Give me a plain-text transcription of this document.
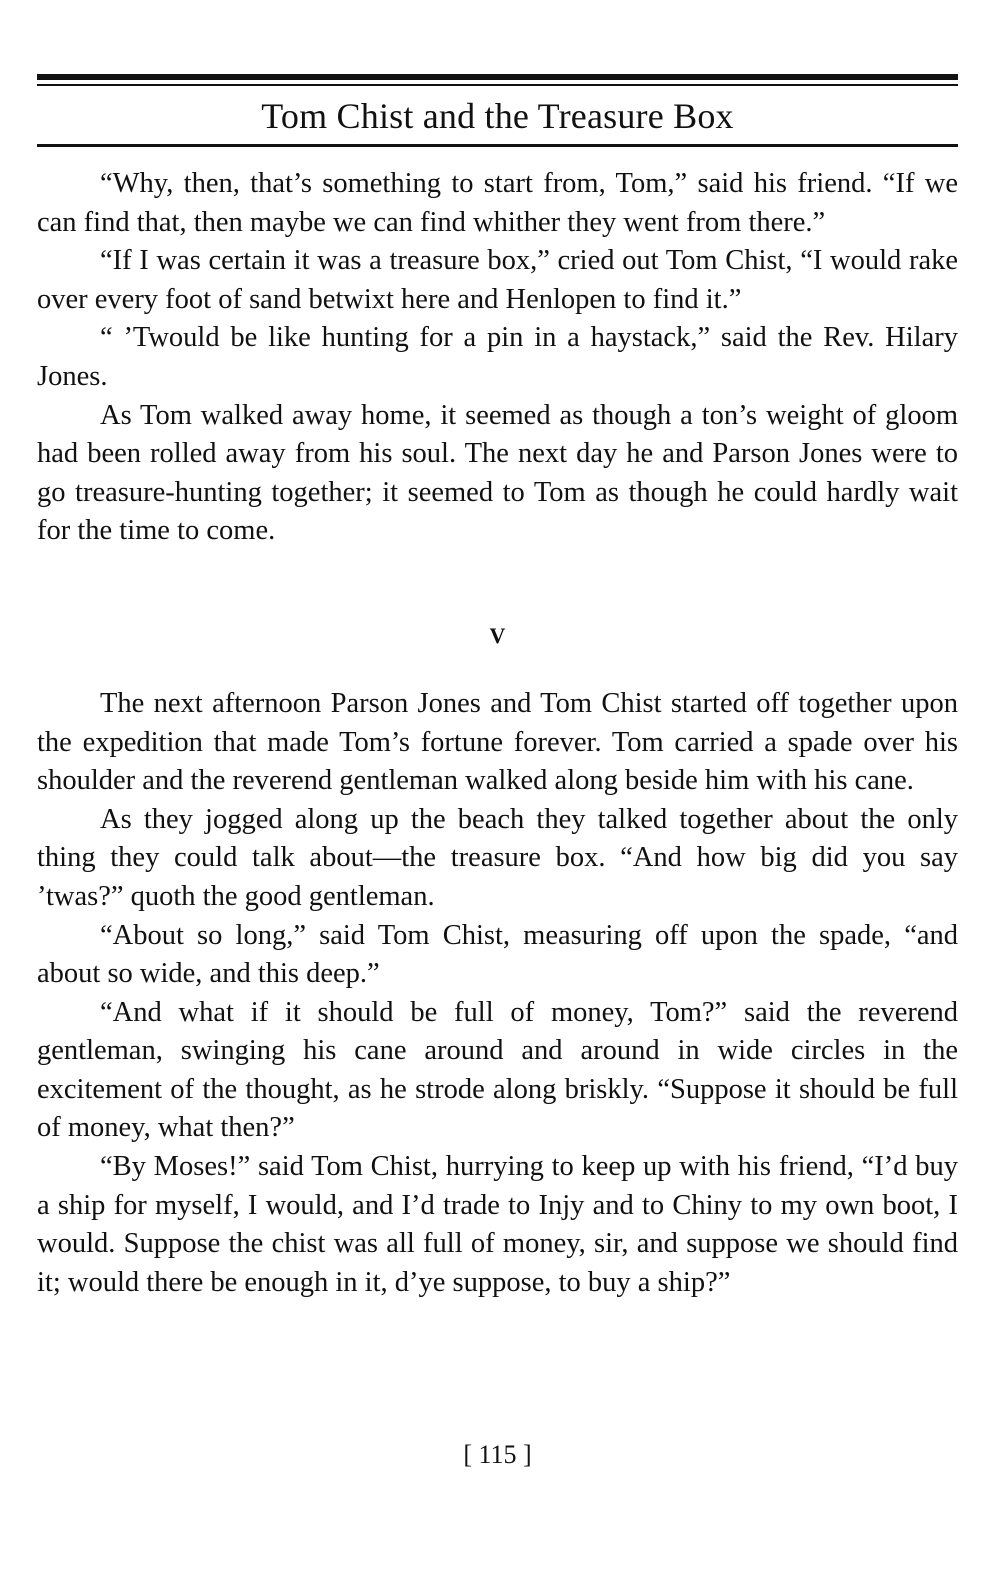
Tom Chist and the Treasure Box

“Why, then, that’s something to start from, Tom,” said his friend. “If we can find that, then maybe we can find whither they went from there.”

“If I was certain it was a treasure box,” cried out Tom Chist, “I would rake over every foot of sand betwixt here and Henlopen to find it.”

“ ’Twould be like hunting for a pin in a haystack,” said the Rev. Hilary Jones.

As Tom walked away home, it seemed as though a ton’s weight of gloom had been rolled away from his soul. The next day he and Parson Jones were to go treasure-hunting together; it seemed to Tom as though he could hardly wait for the time to come.

V

The next afternoon Parson Jones and Tom Chist started off together upon the expedition that made Tom’s fortune forever. Tom carried a spade over his shoulder and the reverend gentleman walked along beside him with his cane.

As they jogged along up the beach they talked together about the only thing they could talk about—the treasure box. “And how big did you say ’twas?” quoth the good gentleman.

“About so long,” said Tom Chist, measuring off upon the spade, “and about so wide, and this deep.”

“And what if it should be full of money, Tom?” said the reverend gentleman, swinging his cane around and around in wide circles in the excitement of the thought, as he strode along briskly. “Suppose it should be full of money, what then?”

“By Moses!” said Tom Chist, hurrying to keep up with his friend, “I’d buy a ship for myself, I would, and I’d trade to Injy and to Chiny to my own boot, I would. Suppose the chist was all full of money, sir, and suppose we should find it; would there be enough in it, d’ye suppose, to buy a ship?”

[ 115 ]
